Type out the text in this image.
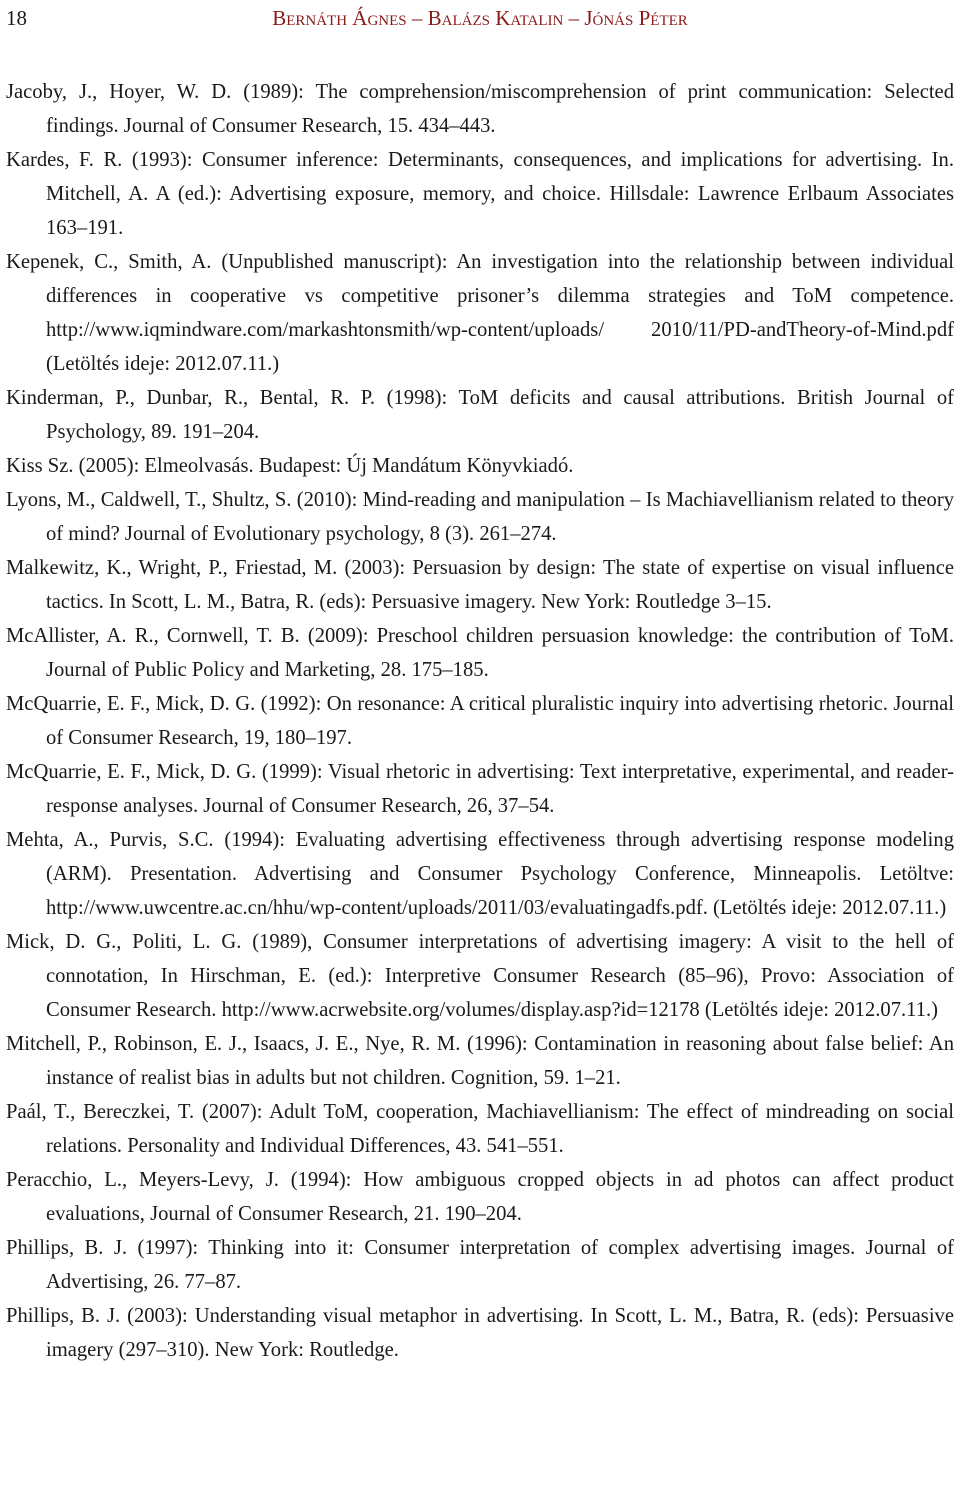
18	Bernáth Ágnes – Balázs Katalin – Jónás Péter
Jacoby, J., Hoyer, W. D. (1989): The comprehension/miscomprehension of print communication: Selected findings. Journal of Consumer Research, 15. 434–443.
Kardes, F. R. (1993): Consumer inference: Determinants, consequences, and implications for advertising. In. Mitchell, A. A (ed.): Advertising exposure, memory, and choice. Hillsdale: Lawrence Erlbaum Associates 163–191.
Kepenek, C., Smith, A. (Unpublished manuscript): An investigation into the relationship between individual differences in cooperative vs competitive prisoner’s dilemma strategies and ToM competence. http://www.iqmindware.com/markashtonsmith/wp-content/uploads/ 2010/11/PD-andTheory-of-Mind.pdf (Letöltés ideje: 2012.07.11.)
Kinderman, P., Dunbar, R., Bental, R. P. (1998): ToM deficits and causal attributions. British Journal of Psychology, 89. 191–204.
Kiss Sz. (2005): Elmeolvasás. Budapest: Új Mandátum Könyvkiadó.
Lyons, M., Caldwell, T., Shultz, S. (2010): Mind-reading and manipulation – Is Machiavellianism related to theory of mind? Journal of Evolutionary psychology, 8 (3). 261–274.
Malkewitz, K., Wright, P., Friestad, M. (2003): Persuasion by design: The state of expertise on visual influence tactics. In Scott, L. M., Batra, R. (eds): Persuasive imagery. New York: Routledge 3–15.
McAllister, A. R., Cornwell, T. B. (2009): Preschool children persuasion knowledge: the contribution of ToM. Journal of Public Policy and Marketing, 28. 175–185.
McQuarrie, E. F., Mick, D. G. (1992): On resonance: A critical pluralistic inquiry into advertising rhetoric. Journal of Consumer Research, 19, 180–197.
McQuarrie, E. F., Mick, D. G. (1999): Visual rhetoric in advertising: Text interpretative, experimental, and reader-response analyses. Journal of Consumer Research, 26, 37–54.
Mehta, A., Purvis, S.C. (1994): Evaluating advertising effectiveness through advertising response modeling (ARM). Presentation. Advertising and Consumer Psychology Conference, Minneapolis. Letöltve: http://www.uwcentre.ac.cn/hhu/wp-content/uploads/2011/03/evaluatingadfs.pdf. (Letöltés ideje: 2012.07.11.)
Mick, D. G., Politi, L. G. (1989), Consumer interpretations of advertising imagery: A visit to the hell of connotation, In Hirschman, E. (ed.): Interpretive Consumer Research (85–96), Provo: Association of Consumer Research. http://www.acrwebsite.org/volumes/display.asp?id=12178 (Letöltés ideje: 2012.07.11.)
Mitchell, P., Robinson, E. J., Isaacs, J. E., Nye, R. M. (1996): Contamination in reasoning about false belief: An instance of realist bias in adults but not children. Cognition, 59. 1–21.
Paál, T., Bereczkei, T. (2007): Adult ToM, cooperation, Machiavellianism: The effect of mindreading on social relations. Personality and Individual Differences, 43. 541–551.
Peracchio, L., Meyers-Levy, J. (1994): How ambiguous cropped objects in ad photos can affect product evaluations, Journal of Consumer Research, 21. 190–204.
Phillips, B. J. (1997): Thinking into it: Consumer interpretation of complex advertising images. Journal of Advertising, 26. 77–87.
Phillips, B. J. (2003): Understanding visual metaphor in advertising. In Scott, L. M., Batra, R. (eds): Persuasive imagery (297–310). New York: Routledge.
